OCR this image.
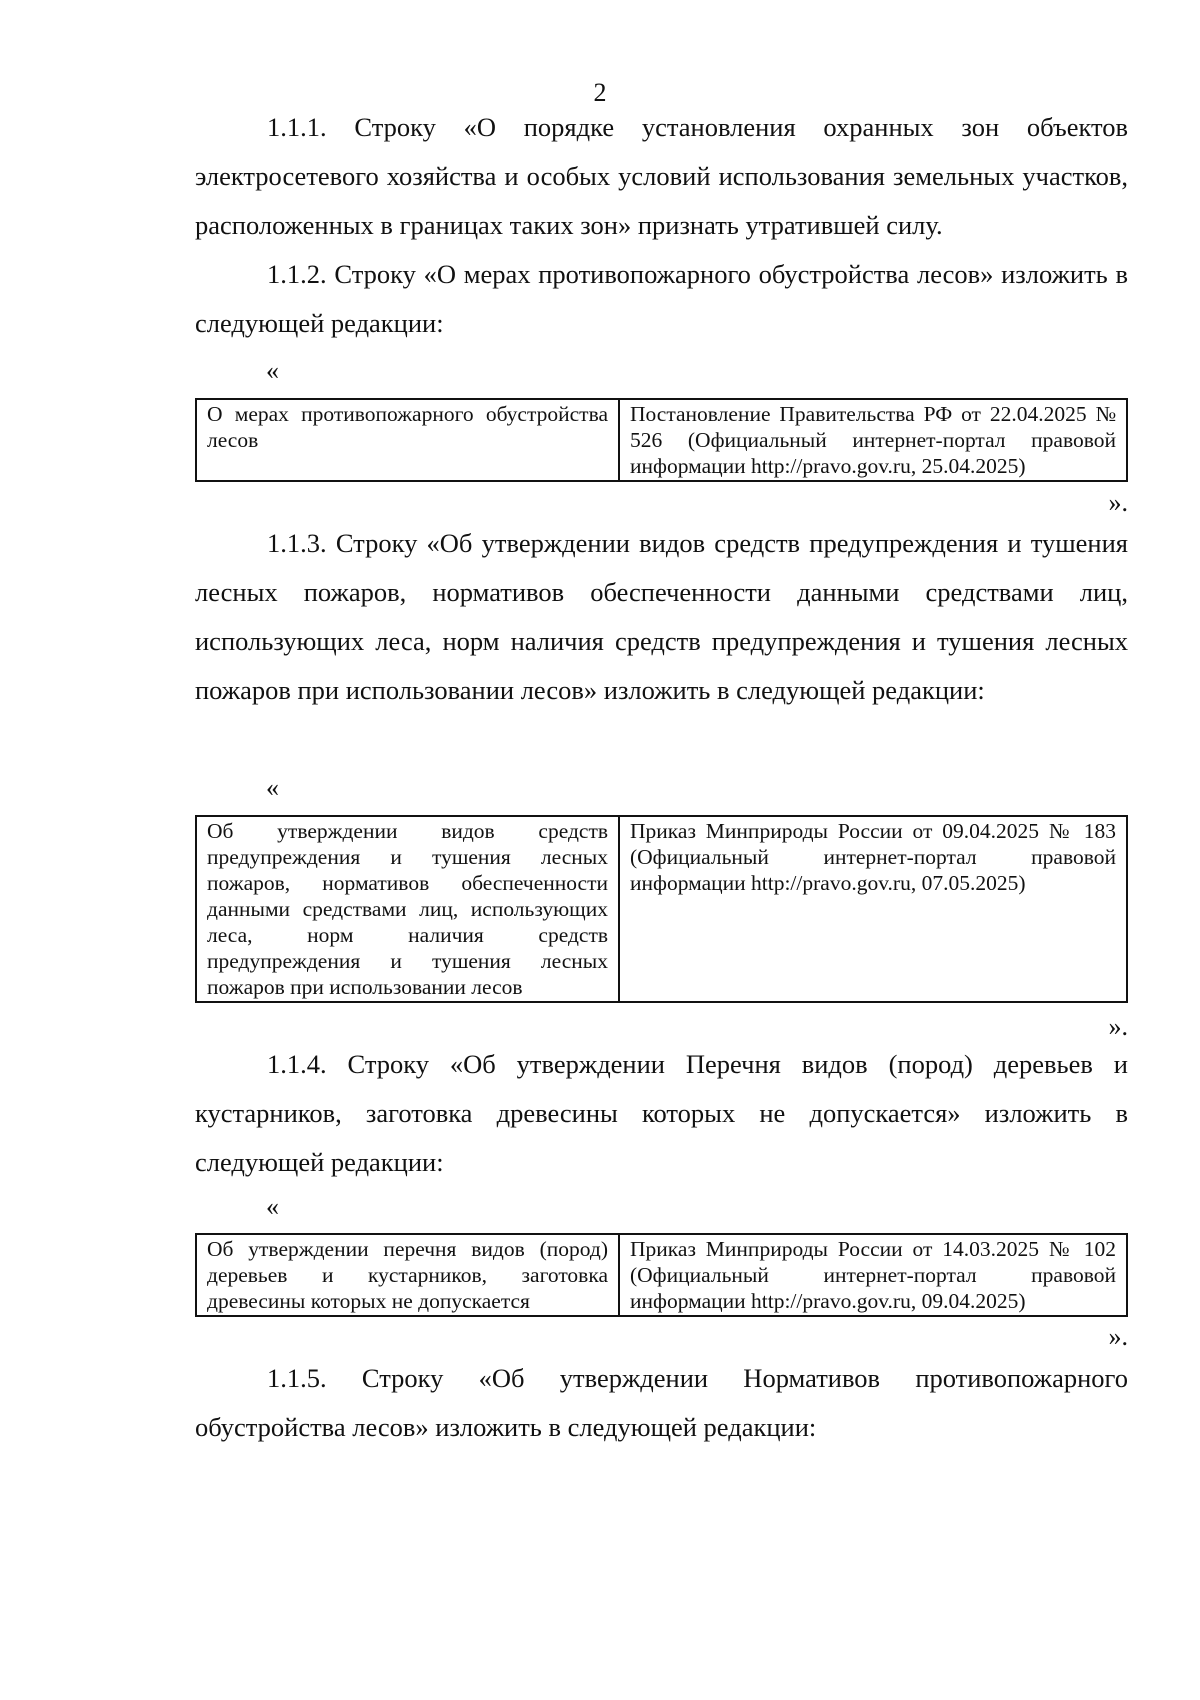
2

1.1.1. Строку «О порядке установления охранных зон объектов электросетевого хозяйства и особых условий использования земельных участков, расположенных в границах таких зон» признать утратившей силу.

1.1.2. Строку «О мерах противопожарного обустройства лесов» изложить в следующей редакции:

«
О мерах противопожарного обустройства лесов	Постановление Правительства РФ от 22.04.2025 № 526 (Официальный интернет-портал правовой информации http://pravo.gov.ru, 25.04.2025)
».

1.1.3. Строку «Об утверждении видов средств предупреждения и тушения лесных пожаров, нормативов обеспеченности данными средствами лиц, использующих леса, норм наличия средств предупреждения и тушения лесных пожаров при использовании лесов» изложить в следующей редакции:

«
Об утверждении видов средств предупреждения и тушения лесных пожаров, нормативов обеспеченности данными средствами лиц, использующих леса, норм наличия средств предупреждения и тушения лесных пожаров при использовании лесов	Приказ Минприроды России от 09.04.2025 № 183 (Официальный интернет-портал правовой информации http://pravo.gov.ru, 07.05.2025)
».

1.1.4. Строку «Об утверждении Перечня видов (пород) деревьев и кустарников, заготовка древесины которых не допускается» изложить в следующей редакции:

«
Об утверждении перечня видов (пород) деревьев и кустарников, заготовка древесины которых не допускается	Приказ Минприроды России от 14.03.2025 № 102 (Официальный интернет-портал правовой информации http://pravo.gov.ru, 09.04.2025)
».

1.1.5. Строку «Об утверждении Нормативов противопожарного обустройства лесов» изложить в следующей редакции:
